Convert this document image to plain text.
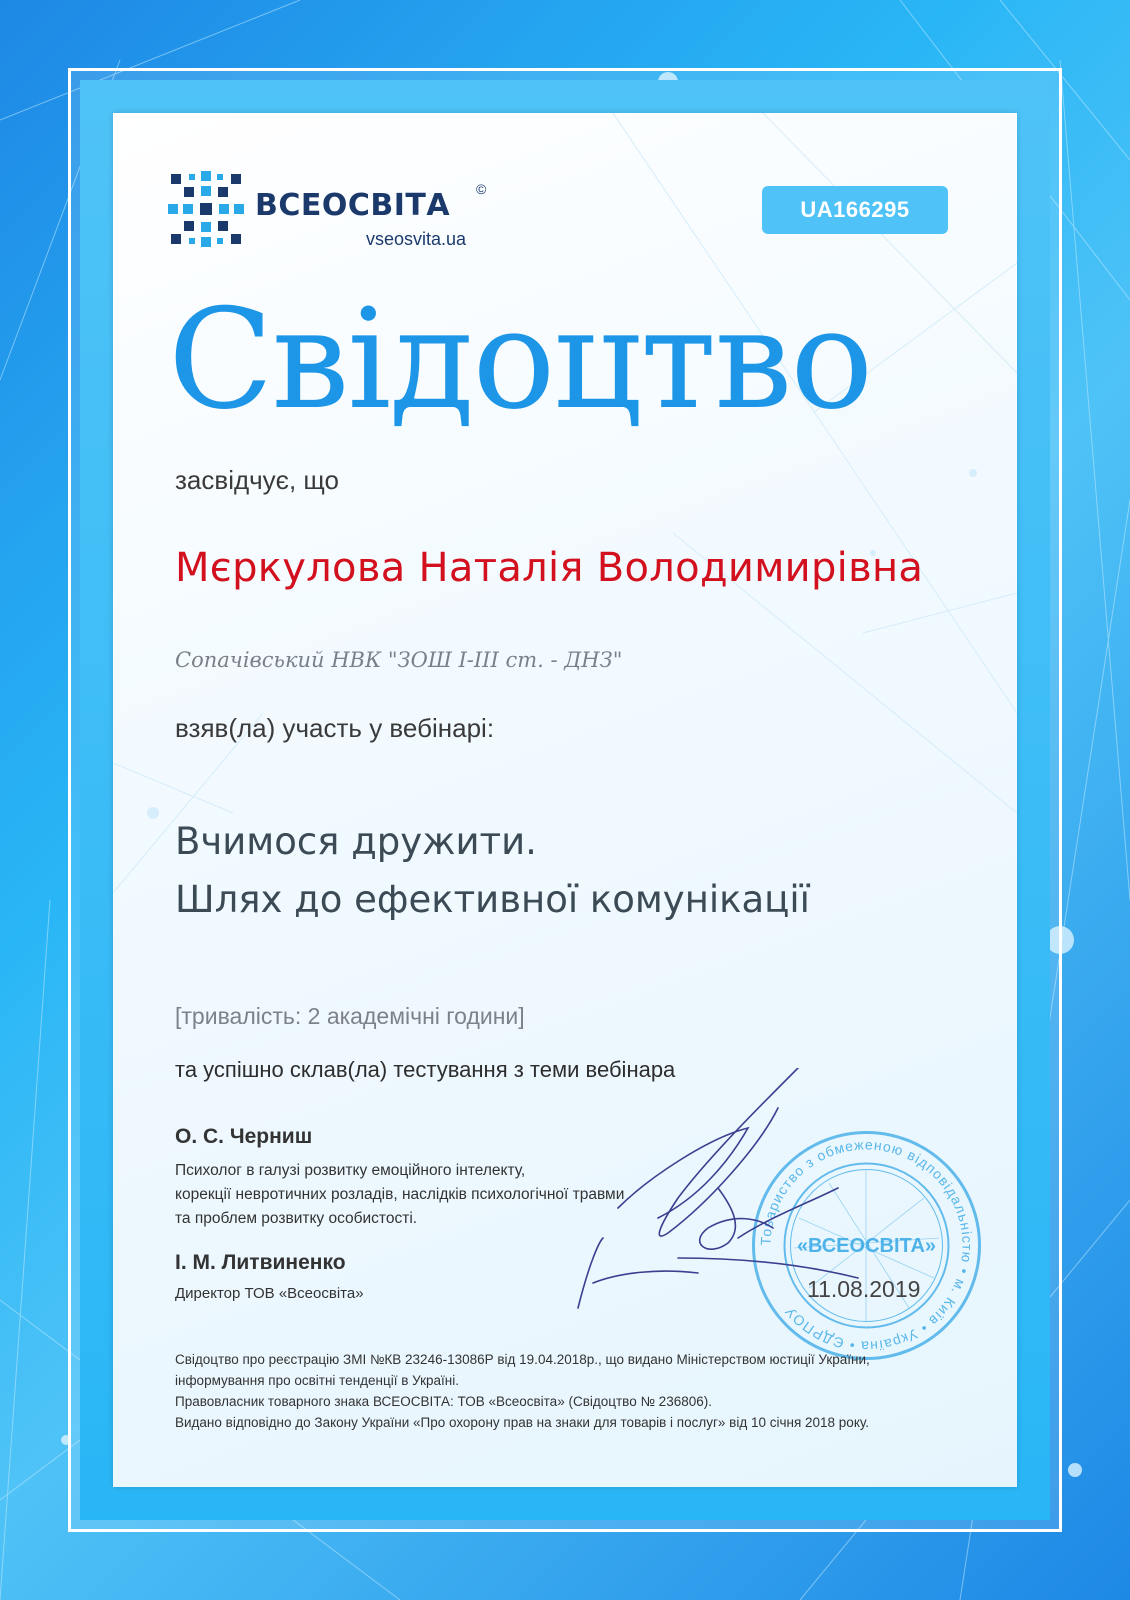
ВСЕОСВІТА ©
vseosvita.ua
UA166295
Свідоцтво
засвідчує, що
Мєркулова Наталія Володимирівна
Сопачівський НВК "ЗОШ І-ІІІ ст. - ДНЗ"
взяв(ла) участь у вебінарі:
Вчимося дружити.
Шлях до ефективної комунікації
[тривалість: 2 академічні години]
та успішно склав(ла) тестування з теми вебінара
О. С. Черниш
Психолог в галузі розвитку емоційного інтелекту,
корекції невротичних розладів, наслідків психологічної травми
та проблем розвитку особистості.
І. М. Литвиненко
Директор ТОВ «Всеосвіта»
Товариство з обмеженою відповідальністю • м. Київ • Україна • ЄДРПОУ
«ВСЕОСВІТА»
11.08.2019
Свідоцтво про реєстрацію ЗМІ №КВ 23246-13086Р від 19.04.2018р., що видано Міністерством юстиції України,
інформування про освітні тенденції в Україні.
Правовласник товарного знака ВСЕОСВІТА: ТОВ «Всеосвіта» (Свідоцтво № 236806).
Видано відповідно до Закону України «Про охорону прав на знаки для товарів і послуг» від 10 січня 2018 року.
